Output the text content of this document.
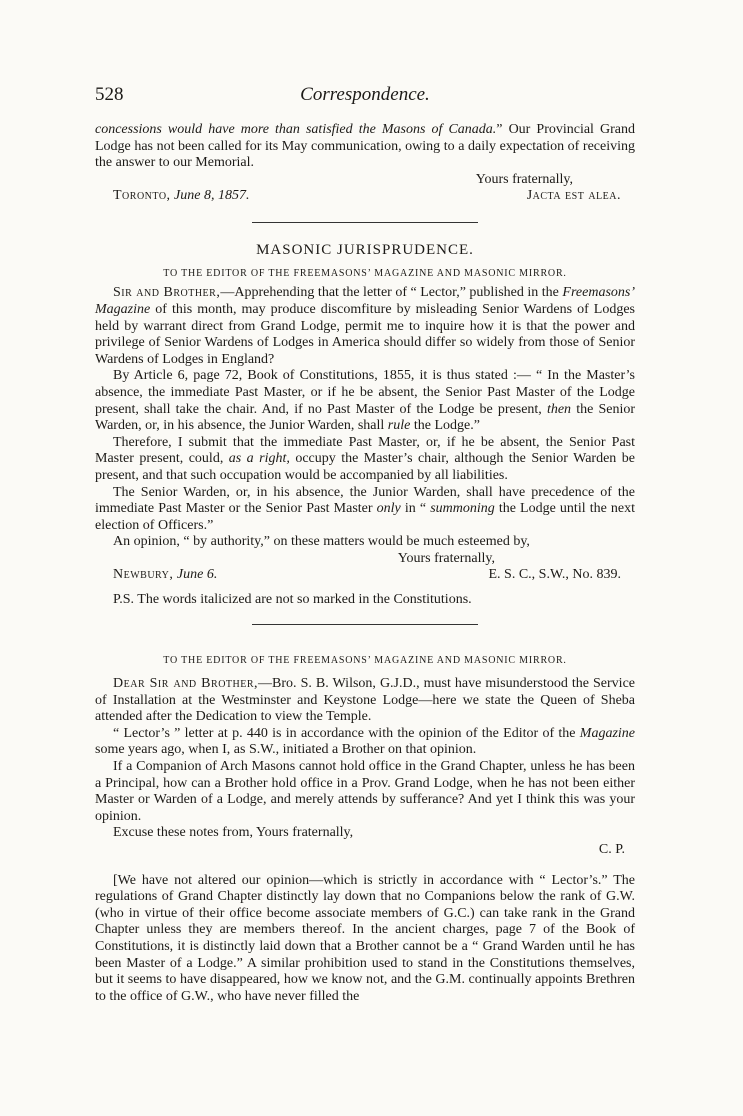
528	Correspondence.

concessions would have more than satisfied the Masons of Canada.” Our Provincial Grand Lodge has not been called for its May communication, owing to a daily expectation of receiving the answer to our Memorial.

Yours fraternally,
Toronto, June 8, 1857.	Jacta est alea.
MASONIC JURISPRUDENCE.
TO THE EDITOR OF THE FREEMASONS’ MAGAZINE AND MASONIC MIRROR.

Sir and Brother,—Apprehending that the letter of “ Lector,” published in the Freemasons’ Magazine of this month, may produce discomfiture by misleading Senior Wardens of Lodges held by warrant direct from Grand Lodge, permit me to inquire how it is that the power and privilege of Senior Wardens of Lodges in America should differ so widely from those of Senior Wardens of Lodges in England?

By Article 6, page 72, Book of Constitutions, 1855, it is thus stated :— “ In the Master’s absence, the immediate Past Master, or if he be absent, the Senior Past Master of the Lodge present, shall take the chair. And, if no Past Master of the Lodge be present, then the Senior Warden, or, in his absence, the Junior Warden, shall rule the Lodge.”

Therefore, I submit that the immediate Past Master, or, if he be absent, the Senior Past Master present, could, as a right, occupy the Master’s chair, although the Senior Warden be present, and that such occupation would be accompanied by all liabilities.

The Senior Warden, or, in his absence, the Junior Warden, shall have precedence of the immediate Past Master or the Senior Past Master only in “ summoning the Lodge until the next election of Officers.”

An opinion, “ by authority,” on these matters would be much esteemed by,

Yours fraternally,
Newbury, June 6.	E. S. C., S.W., No. 839.

P.S. The words italicized are not so marked in the Constitutions.

TO THE EDITOR OF THE FREEMASONS’ MAGAZINE AND MASONIC MIRROR.

Dear Sir and Brother,—Bro. S. B. Wilson, G.J.D., must have misunderstood the Service of Installation at the Westminster and Keystone Lodge—here we state the Queen of Sheba attended after the Dedication to view the Temple.

“ Lector’s ” letter at p. 440 is in accordance with the opinion of the Editor of the Magazine some years ago, when I, as S.W., initiated a Brother on that opinion.

If a Companion of Arch Masons cannot hold office in the Grand Chapter, unless he has been a Principal, how can a Brother hold office in a Prov. Grand Lodge, when he has not been either Master or Warden of a Lodge, and merely attends by sufferance? And yet I think this was your opinion.

Excuse these notes from, Yours fraternally,

C. P.

[We have not altered our opinion—which is strictly in accordance with “ Lector’s.” The regulations of Grand Chapter distinctly lay down that no Companions below the rank of G.W. (who in virtue of their office become associate members of G.C.) can take rank in the Grand Chapter unless they are members thereof. In the ancient charges, page 7 of the Book of Constitutions, it is distinctly laid down that a Brother cannot be a “ Grand Warden until he has been Master of a Lodge.” A similar prohibition used to stand in the Constitutions themselves, but it seems to have disappeared, how we know not, and the G.M. continually appoints Brethren to the office of G.W., who have never filled the
